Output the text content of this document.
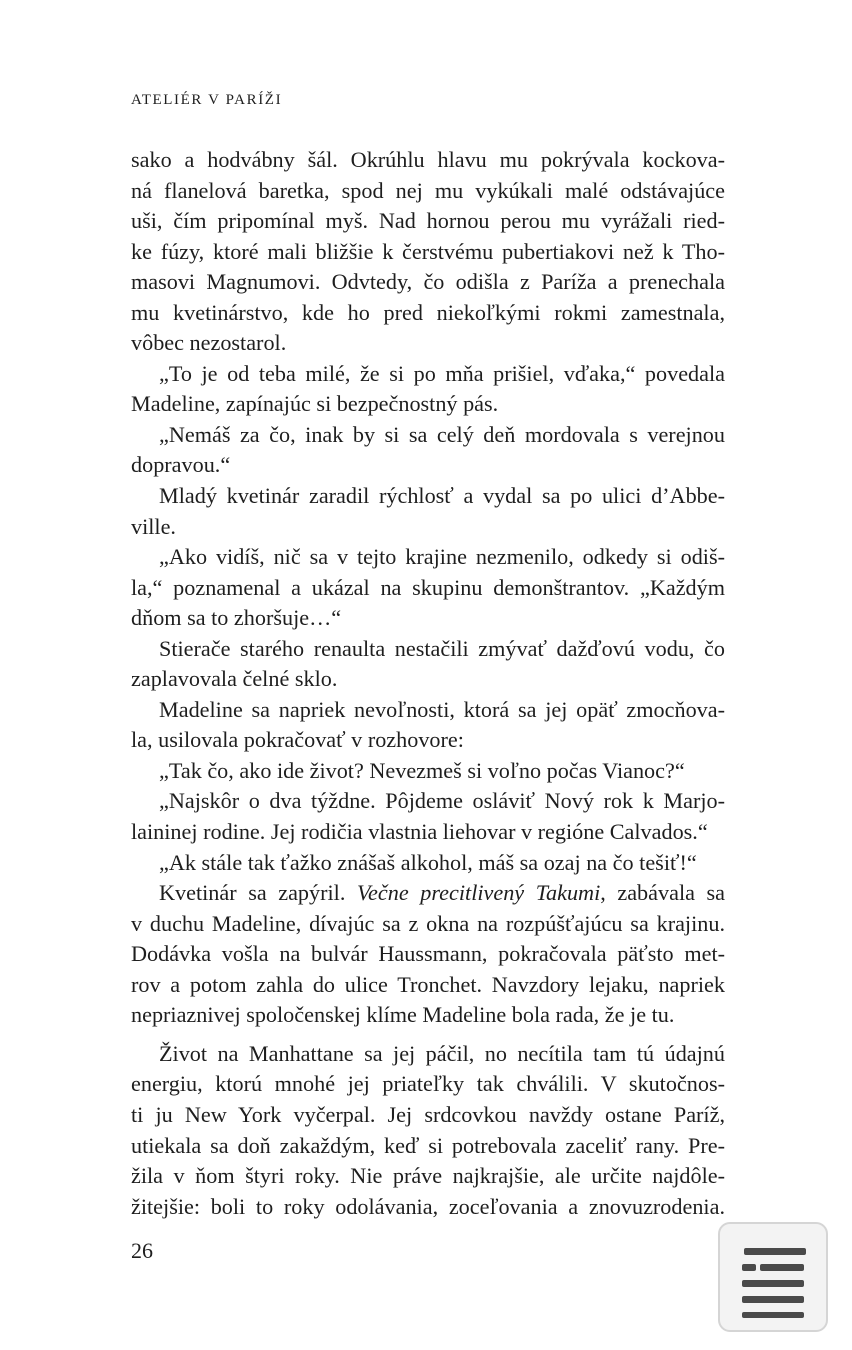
ATELIÉR V PARÍŽI
sako a hodvábny šál. Okrúhlu hlavu mu pokrývala kockova-
ná flanelová baretka, spod nej mu vykúkali malé odstávajúce
uši, čím pripomínal myš. Nad hornou perou mu vyrážali ried-
ke fúzy, ktoré mali bližšie k čerstvému pubertiakovi než k Tho-
masovi Magnumovi. Odvtedy, čo odišla z Paríža a prenechala
mu kvetinárstvo, kde ho pred niekoľkými rokmi zamestnala,
vôbec nezostarol.
„To je od teba milé, že si po mňa prišiel, vďaka,“ povedala
Madeline, zapínajúc si bezpečnostný pás.
„Nemáš za čo, inak by si sa celý deň mordovala s verejnou
dopravou.“
Mladý kvetinár zaradil rýchlosť a vydal sa po ulici d’Abbe-
ville.
„Ako vidíš, nič sa v tejto krajine nezmenilo, odkedy si odiš-
la,“ poznamenal a ukázal na skupinu demonštrantov. „Každým
dňom sa to zhoršuje…“
Stierače starého renaulta nestačili zmývať dažďovú vodu, čo
zaplavovala čelné sklo.
Madeline sa napriek nevoľnosti, ktorá sa jej opäť zmocňova-
la, usilovala pokračovať v rozhovore:
„Tak čo, ako ide život? Nevezmeš si voľno počas Vianoc?“
„Najskôr o dva týždne. Pôjdeme osláviť Nový rok k Marjo-
laininej rodine. Jej rodičia vlastnia liehovar v regióne Calvados.“
„Ak stále tak ťažko znášaš alkohol, máš sa ozaj na čo tešiť!“
Kvetinár sa zapýril. Večne precitlivený Takumi, zabávala sa
v duchu Madeline, dívajúc sa z okna na rozpúšťajúcu sa krajinu.
Dodávka vošla na bulvár Haussmann, pokračovala päťsto met-
rov a potom zahla do ulice Tronchet. Navzdory lejaku, napriek
nepriaznivej spoločenskej klíme Madeline bola rada, že je tu.
Život na Manhattane sa jej páčil, no necítila tam tú údajnú
energiu, ktorú mnohé jej priateľky tak chválili. V skutočnos-
ti ju New York vyčerpal. Jej srdcovkou navždy ostane Paríž,
utiekala sa doň zakaždým, keď si potrebovala zaceliť rany. Pre-
žila v ňom štyri roky. Nie práve najkrajšie, ale určite najdôle-
žitejšie: boli to roky odolávania, zoceľovania a znovuzrodenia.
26
